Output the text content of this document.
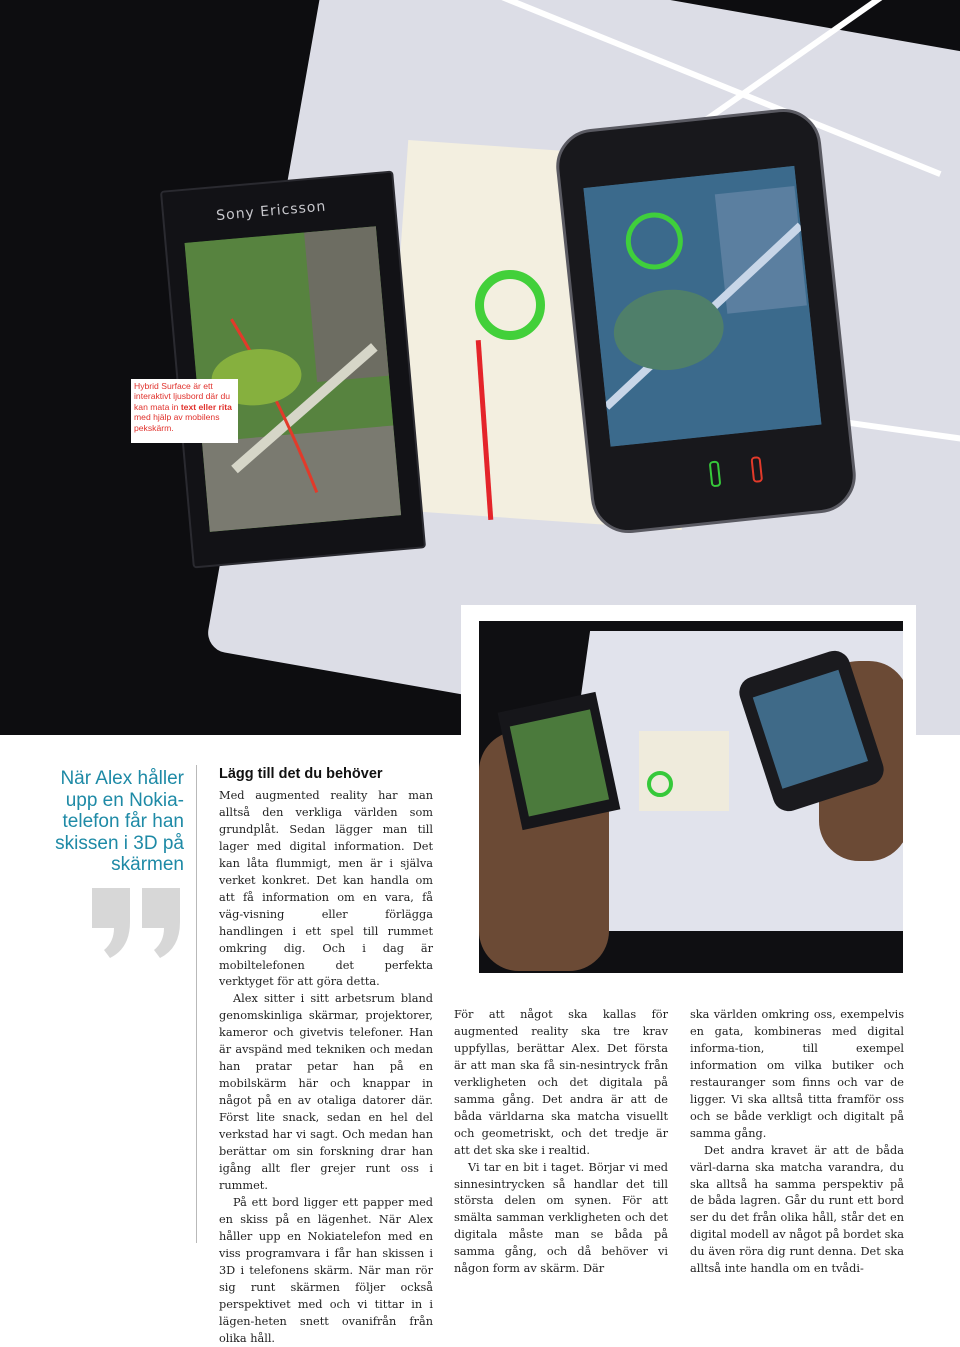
Sony Ericsson
Hybrid Surface är ett interaktivt ljusbord där du kan mata in text eller rita med hjälp av mobilens pekskärm.

När Alex håller upp en Nokia-telefon får han skissen i 3D på skärmen

Lägg till det du behöver

Med augmented reality har man alltså den verkliga världen som grundplåt. Sedan lägger man till lager med digital information. Det kan låta flummigt, men är i själva verket konkret. Det kan handla om att få information om en vara, få väg-visning eller förlägga handlingen i ett spel till rummet omkring dig. Och i dag är mobiltelefonen det perfekta verktyget för att göra detta.

Alex sitter i sitt arbetsrum bland genomskinliga skärmar, projektorer, kameror och givetvis telefoner. Han är avspänd med tekniken och medan han pratar petar han på en mobilskärm här och knappar in något på en av otaliga datorer där. Först lite snack, sedan en hel del verkstad har vi sagt. Och medan han berättar om sin forskning drar han igång allt fler grejer runt oss i rummet.

På ett bord ligger ett papper med en skiss på en lägenhet. När Alex håller upp en Nokiatelefon med en viss programvara i får han skissen i 3D i telefonens skärm. När man rör sig runt skärmen följer också perspektivet med och vi tittar in i lägen-heten snett ovanifrån från olika håll.

För att något ska kallas för augmented reality ska tre krav uppfyllas, berättar Alex. Det första är att man ska få sin-nesintryck från verkligheten och det digitala på samma gång. Det andra är att de båda världarna ska matcha visuellt och geometriskt, och det tredje är att det ska ske i realtid.

Vi tar en bit i taget. Börjar vi med sinnesintrycken så handlar det till största delen om synen. För att smälta samman verkligheten och det digitala måste man se båda på samma gång, och då behöver vi någon form av skärm. Där

ska världen omkring oss, exempelvis en gata, kombineras med digital informa-tion, till exempel information om vilka butiker och restauranger som finns och var de ligger. Vi ska alltså titta framför oss och se både verkligt och digitalt på samma gång.

Det andra kravet är att de båda värl-darna ska matcha varandra, du ska alltså ha samma perspektiv på de båda lagren. Går du runt ett bord ser du det från olika håll, står det en digital modell av något på bordet ska du även röra dig runt denna. Det ska alltså inte handla om en tvådi-
